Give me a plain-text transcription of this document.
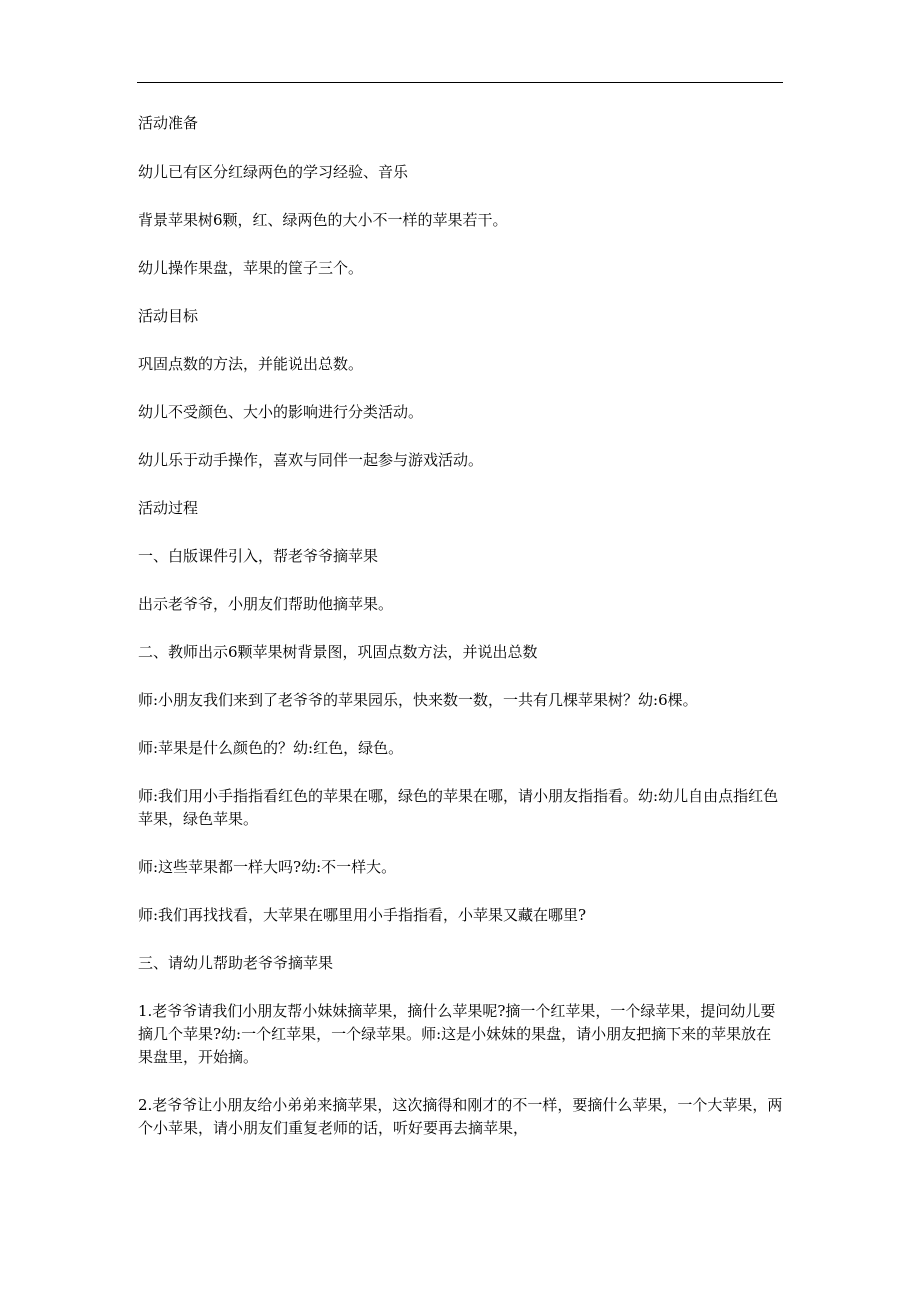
活动准备

幼儿已有区分红绿两色的学习经验、音乐

背景苹果树6颗，红、绿两色的大小不一样的苹果若干。

幼儿操作果盘，苹果的筐子三个。

活动目标

巩固点数的方法，并能说出总数。

幼儿不受颜色、大小的影响进行分类活动。

幼儿乐于动手操作，喜欢与同伴一起参与游戏活动。

活动过程

一、白版课件引入，帮老爷爷摘苹果

出示老爷爷，小朋友们帮助他摘苹果。

二、教师出示6颗苹果树背景图，巩固点数方法，并说出总数

师:小朋友我们来到了老爷爷的苹果园乐，快来数一数，一共有几棵苹果树？幼:6棵。

师:苹果是什么颜色的？幼:红色，绿色。

师:我们用小手指指看红色的苹果在哪，绿色的苹果在哪，请小朋友指指看。幼:幼儿自由点指红色苹果，绿色苹果。

师:这些苹果都一样大吗?幼:不一样大。

师:我们再找找看，大苹果在哪里用小手指指看，小苹果又藏在哪里?

三、请幼儿帮助老爷爷摘苹果

1.老爷爷请我们小朋友帮小妹妹摘苹果，摘什么苹果呢?摘一个红苹果，一个绿苹果，提问幼儿要摘几个苹果?幼:一个红苹果，一个绿苹果。师:这是小妹妹的果盘，请小朋友把摘下来的苹果放在果盘里，开始摘。

2.老爷爷让小朋友给小弟弟来摘苹果，这次摘得和刚才的不一样，要摘什么苹果，一个大苹果，两个小苹果，请小朋友们重复老师的话，听好要再去摘苹果，
